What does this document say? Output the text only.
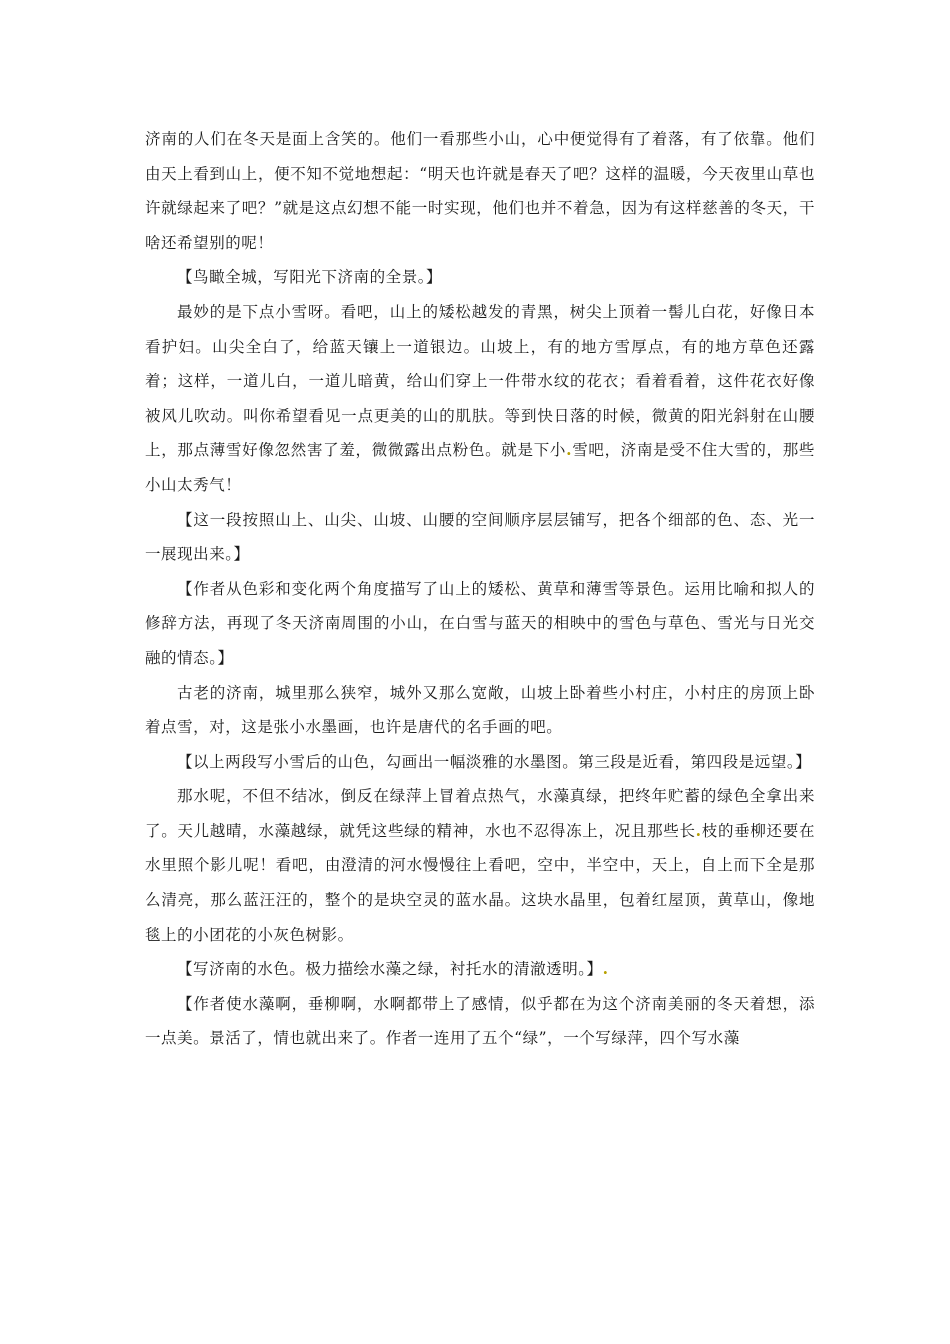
济南的人们在冬天是面上含笑的。他们一看那些小山，心中便觉得有了着落，有了依靠。他们由天上看到山上，便不知不觉地想起：“明天也许就是春天了吧？这样的温暖，今天夜里山草也许就绿起来了吧？”就是这点幻想不能一时实现，他们也并不着急，因为有这样慈善的冬天，干啥还希望别的呢！

【鸟瞰全城，写阳光下济南的全景。】

最妙的是下点小雪呀。看吧，山上的矮松越发的青黑，树尖上顶着一髻儿白花，好像日本看护妇。山尖全白了，给蓝天镶上一道银边。山坡上，有的地方雪厚点，有的地方草色还露着；这样，一道儿白，一道儿暗黄，给山们穿上一件带水纹的花衣；看着看着，这件花衣好像被风儿吹动。叫你希望看见一点更美的山的肌肤。等到快日落的时候，微黄的阳光斜射在山腰上，那点薄雪好像忽然害了羞，微微露出点粉色。就是下小.雪吧，济南是受不住大雪的，那些小山太秀气！

【这一段按照山上、山尖、山坡、山腰的空间顺序层层铺写，把各个细部的色、态、光一一展现出来。】

【作者从色彩和变化两个角度描写了山上的矮松、黄草和薄雪等景色。运用比喻和拟人的修辞方法，再现了冬天济南周围的小山，在白雪与蓝天的相映中的雪色与草色、雪光与日光交融的情态。】

古老的济南，城里那么狭窄，城外又那么宽敞，山坡上卧着些小村庄，小村庄的房顶上卧着点雪，对，这是张小水墨画，也许是唐代的名手画的吧。

【以上两段写小雪后的山色，勾画出一幅淡雅的水墨图。第三段是近看，第四段是远望。】

那水呢，不但不结冰，倒反在绿萍上冒着点热气，水藻真绿，把终年贮蓄的绿色全拿出来了。天儿越晴，水藻越绿，就凭这些绿的精神，水也不忍得冻上，况且那些长.枝的垂柳还要在水里照个影儿呢！看吧，由澄清的河水慢慢往上看吧，空中，半空中，天上，自上而下全是那么清亮，那么蓝汪汪的，整个的是块空灵的蓝水晶。这块水晶里，包着红屋顶，黄草山，像地毯上的小团花的小灰色树影。

【写济南的水色。极力描绘水藻之绿，衬托水的清澈透明。】.

【作者使水藻啊，垂柳啊，水啊都带上了感情，似乎都在为这个济南美丽的冬天着想，添一点美。景活了，情也就出来了。作者一连用了五个“绿”，一个写绿萍，四个写水藻
